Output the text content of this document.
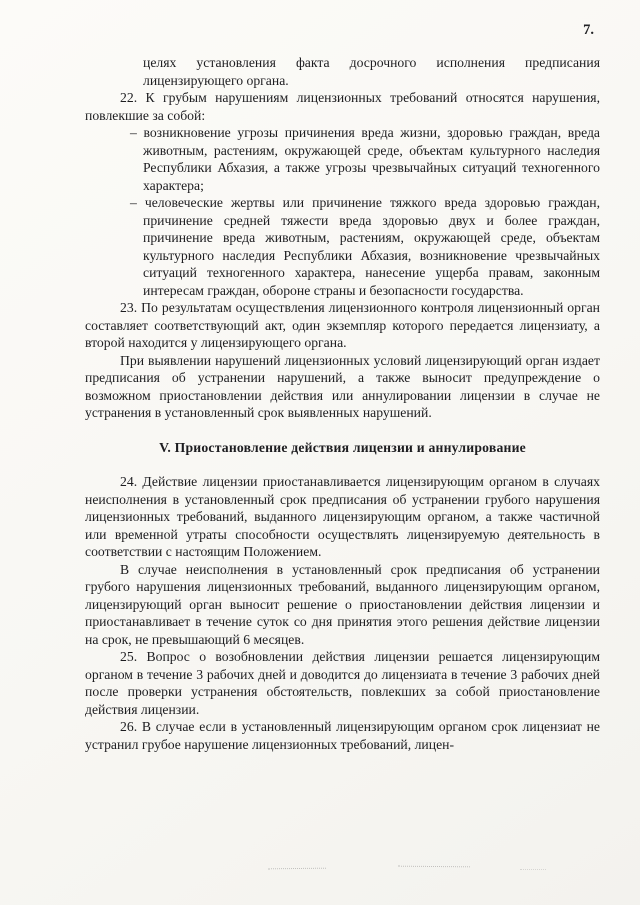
7.

целях установления факта досрочного исполнения предписания лицензирующего органа.

22. К грубым нарушениям лицензионных требований относятся нарушения, повлекшие за собой:

– возникновение угрозы причинения вреда жизни, здоровью граждан, вреда животным, растениям, окружающей среде, объектам культурного наследия Республики Абхазия, а также угрозы чрезвычайных ситуаций техногенного характера;

– человеческие жертвы или причинение тяжкого вреда здоровью граждан, причинение средней тяжести вреда здоровью двух и более граждан, причинение вреда животным, растениям, окружающей среде, объектам культурного наследия Республики Абхазия, возникновение чрезвычайных ситуаций техногенного характера, нанесение ущерба правам, законным интересам граждан, обороне страны и безопасности государства.

23. По результатам осуществления лицензионного контроля лицензионный орган составляет соответствующий акт, один экземпляр которого передается лицензиату, а второй находится у лицензирующего органа.

При выявлении нарушений лицензионных условий лицензирующий орган издает предписания об устранении нарушений, а также выносит предупреждение о возможном приостановлении действия или аннулировании лицензии в случае не устранения в установленный срок выявленных нарушений.

V. Приостановление действия лицензии и аннулирование

24. Действие лицензии приостанавливается лицензирующим органом в случаях неисполнения в установленный срок предписания об устранении грубого нарушения лицензионных требований, выданного лицензирующим органом, а также частичной или временной утраты способности осуществлять лицензируемую деятельность в соответствии с настоящим Положением.

В случае неисполнения в установленный срок предписания об устранении грубого нарушения лицензионных требований, выданного лицензирующим органом, лицензирующий орган выносит решение о приостановлении действия лицензии и приостанавливает в течение суток со дня принятия этого решения действие лицензии на срок, не превышающий 6 месяцев.

25. Вопрос о возобновлении действия лицензии решается лицензирующим органом в течение 3 рабочих дней и доводится до лицензиата в течение 3 рабочих дней после проверки устранения обстоятельств, повлекших за собой приостановление действия лицензии.

26. В случае если в установленный лицензирующим органом срок лицензиат не устранил грубое нарушение лицензионных требований, лицен-
